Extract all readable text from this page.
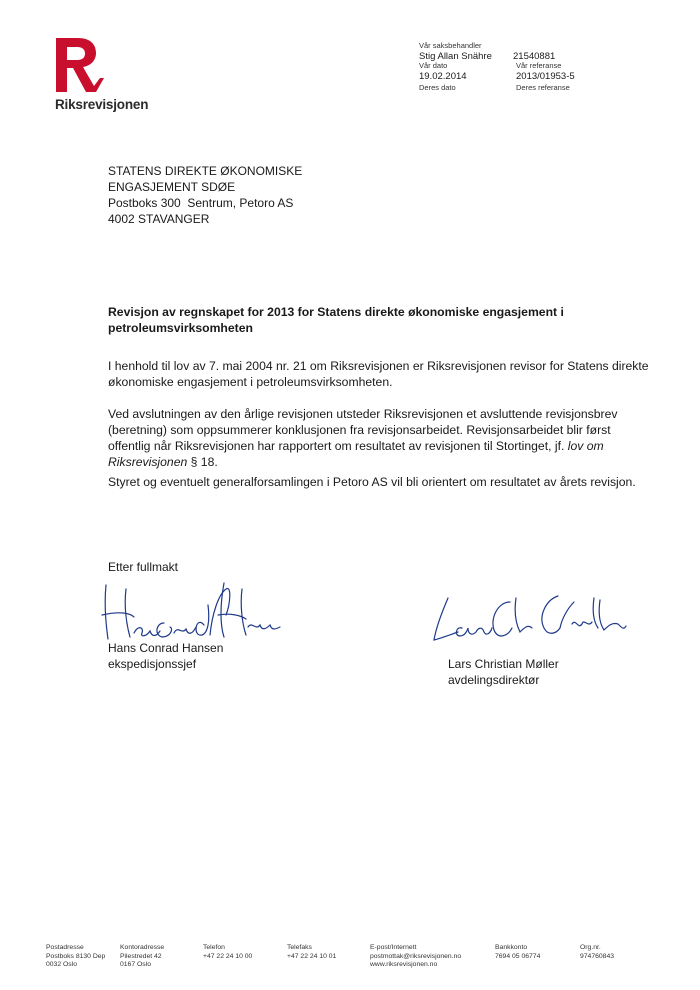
Riksrevisjonen
Vår saksbehandler
Stig Allan Snähre 21540881
Vår dato	Vår referanse
19.02.2014	2013/01953-5
Deres dato	Deres referanse
STATENS DIREKTE ØKONOMISKE
ENGASJEMENT SDØE
Postboks 300  Sentrum, Petoro AS
4002 STAVANGER
Revisjon av regnskapet for 2013 for Statens direkte økonomiske engasjement i petroleumsvirksomheten
I henhold til lov av 7. mai 2004 nr. 21 om Riksrevisjonen er Riksrevisjonen revisor for Statens direkte økonomiske engasjement i petroleumsvirksomheten.
Ved avslutningen av den årlige revisjonen utsteder Riksrevisjonen et avsluttende revisjonsbrev (beretning) som oppsummerer konklusjonen fra revisjonsarbeidet. Revisjonsarbeidet blir først offentlig når Riksrevisjonen har rapportert om resultatet av revisjonen til Stortinget, jf. lov om Riksrevisjonen § 18.
Styret og eventuelt generalforsamlingen i Petoro AS vil bli orientert om resultatet av årets revisjon.
Etter fullmakt
Hans Conrad Hansen
ekspedisjonssjef	Lars Christian Møller
avdelingsdirektør
Postadresse
Postboks 8130 Dep
0032 Oslo
Kontoradresse
Pilestredet 42
0167 Oslo
Telefon
+47 22 24 10 00
Telefaks
+47 22 24 10 01
E-post/Internett
postmottak@riksrevisjonen.no
www.riksrevisjonen.no
Bankkonto
7694 05 06774
Org.nr.
974760843
